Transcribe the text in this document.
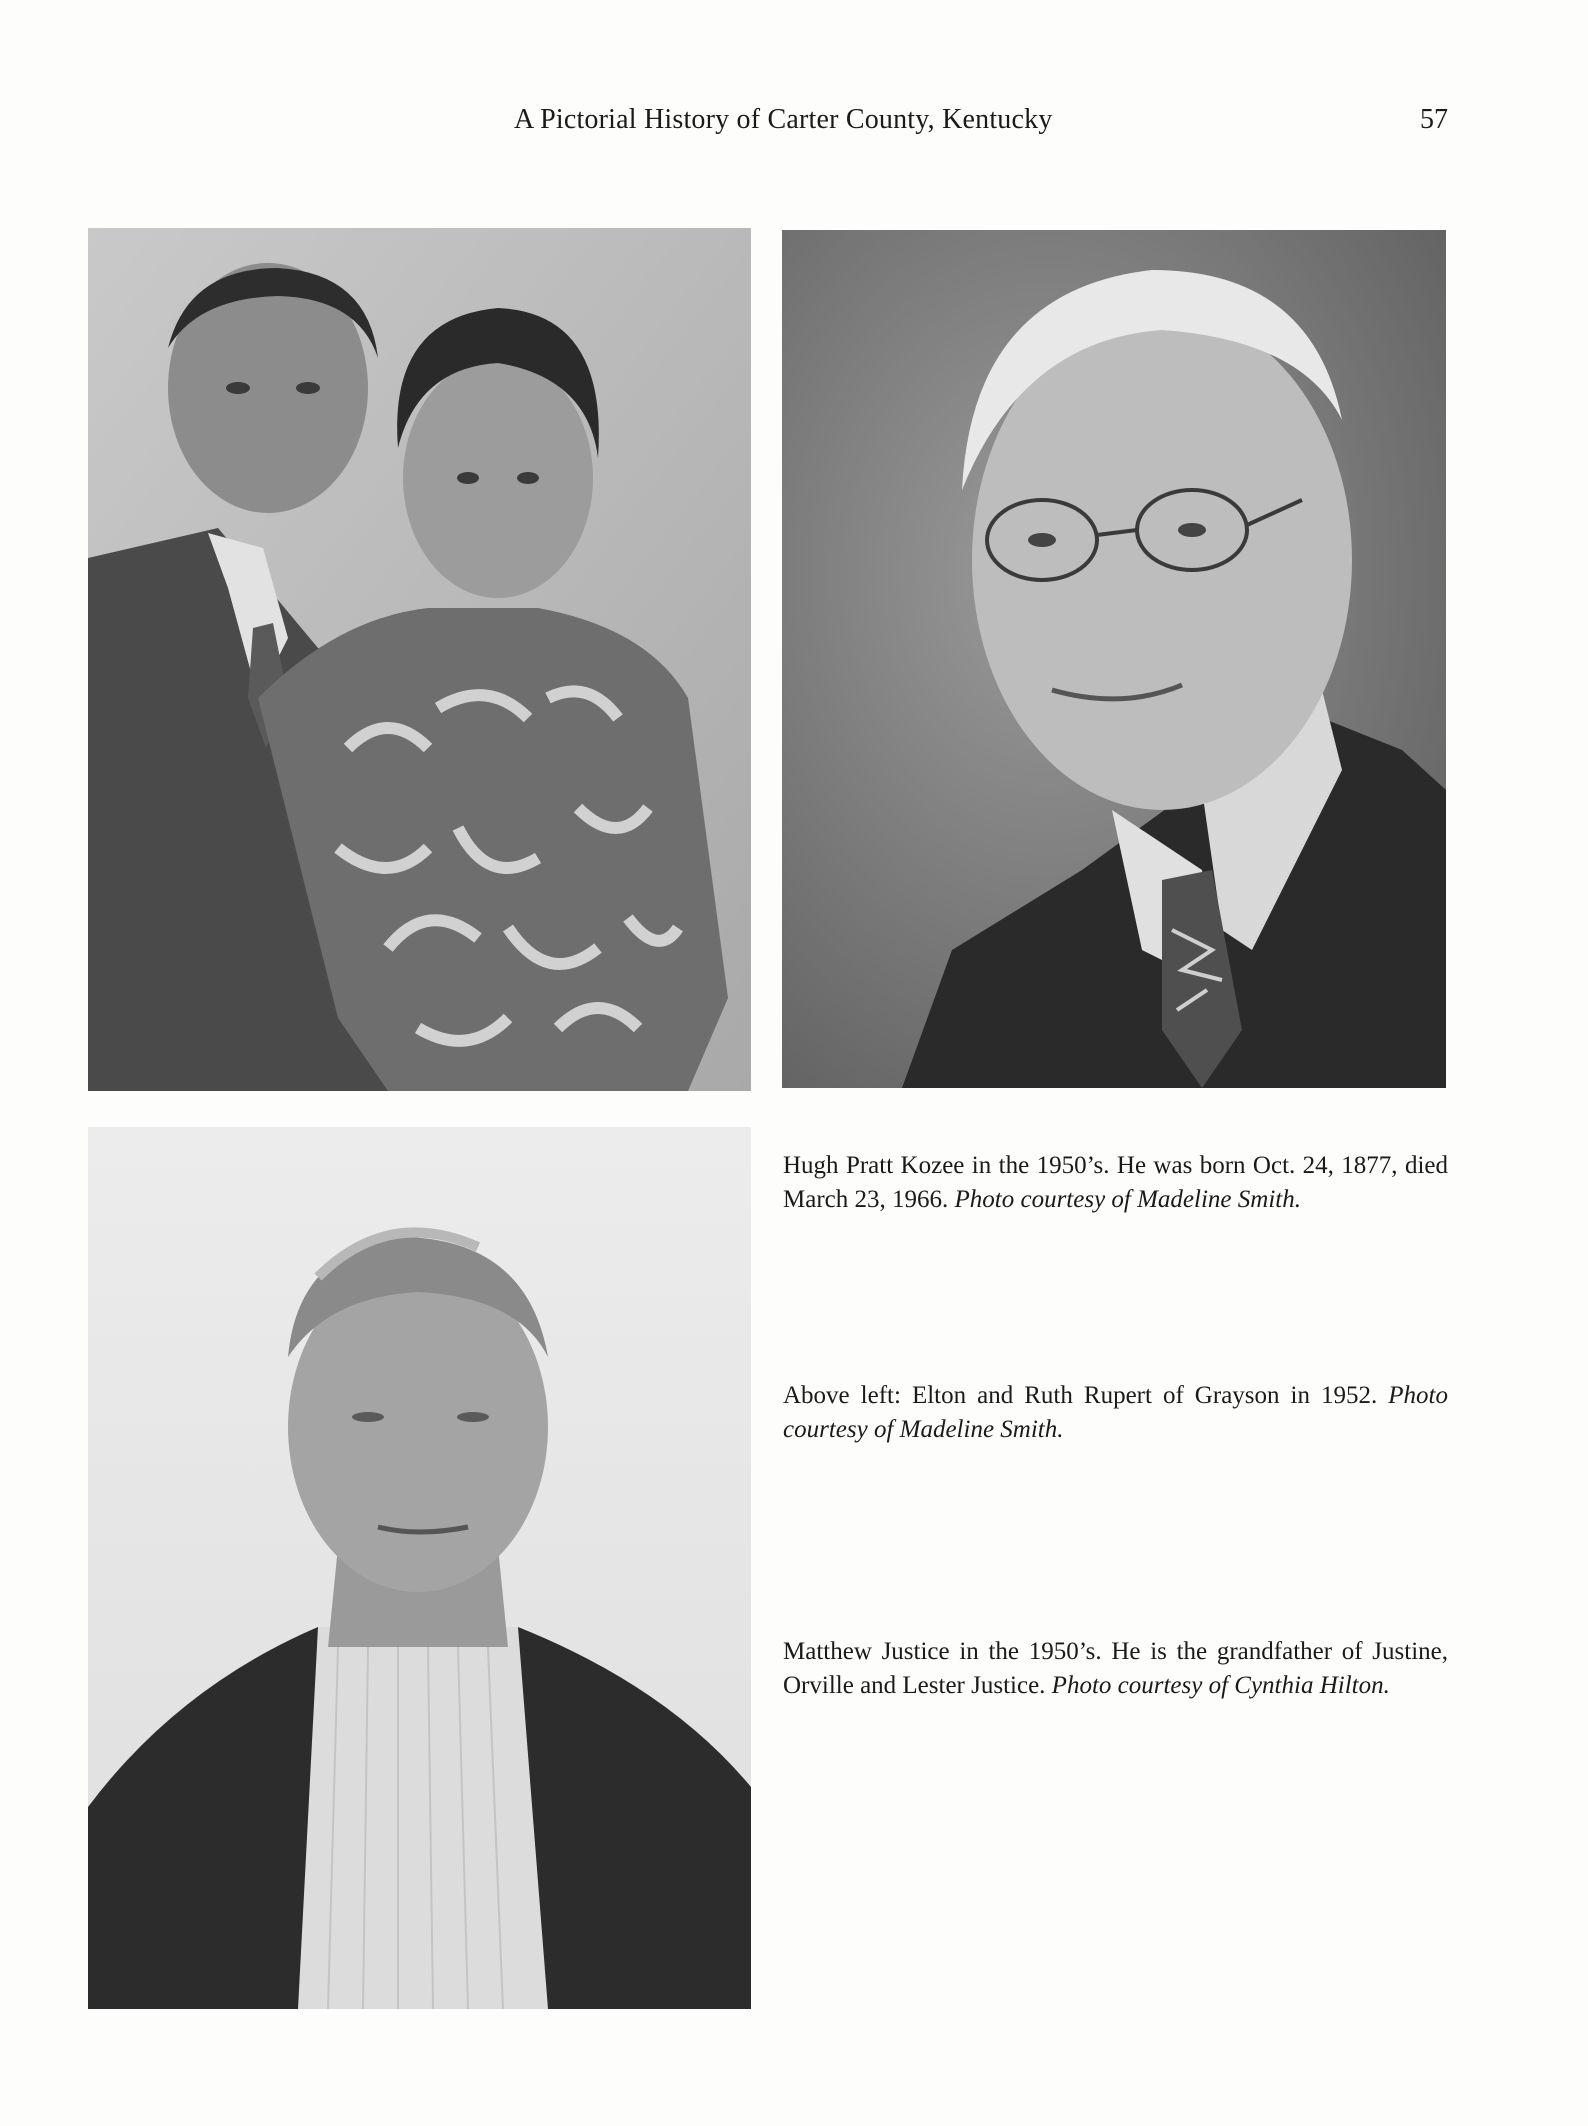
A Pictorial History of Carter County, Kentucky	57

Hugh Pratt Kozee in the 1950’s. He was born Oct. 24, 1877, died March 23, 1966. Photo courtesy of Madeline Smith.

Above left: Elton and Ruth Rupert of Grayson in 1952. Photo courtesy of Madeline Smith.

Matthew Justice in the 1950’s. He is the grandfather of Justine, Orville and Lester Justice. Photo courtesy of Cynthia Hilton.
